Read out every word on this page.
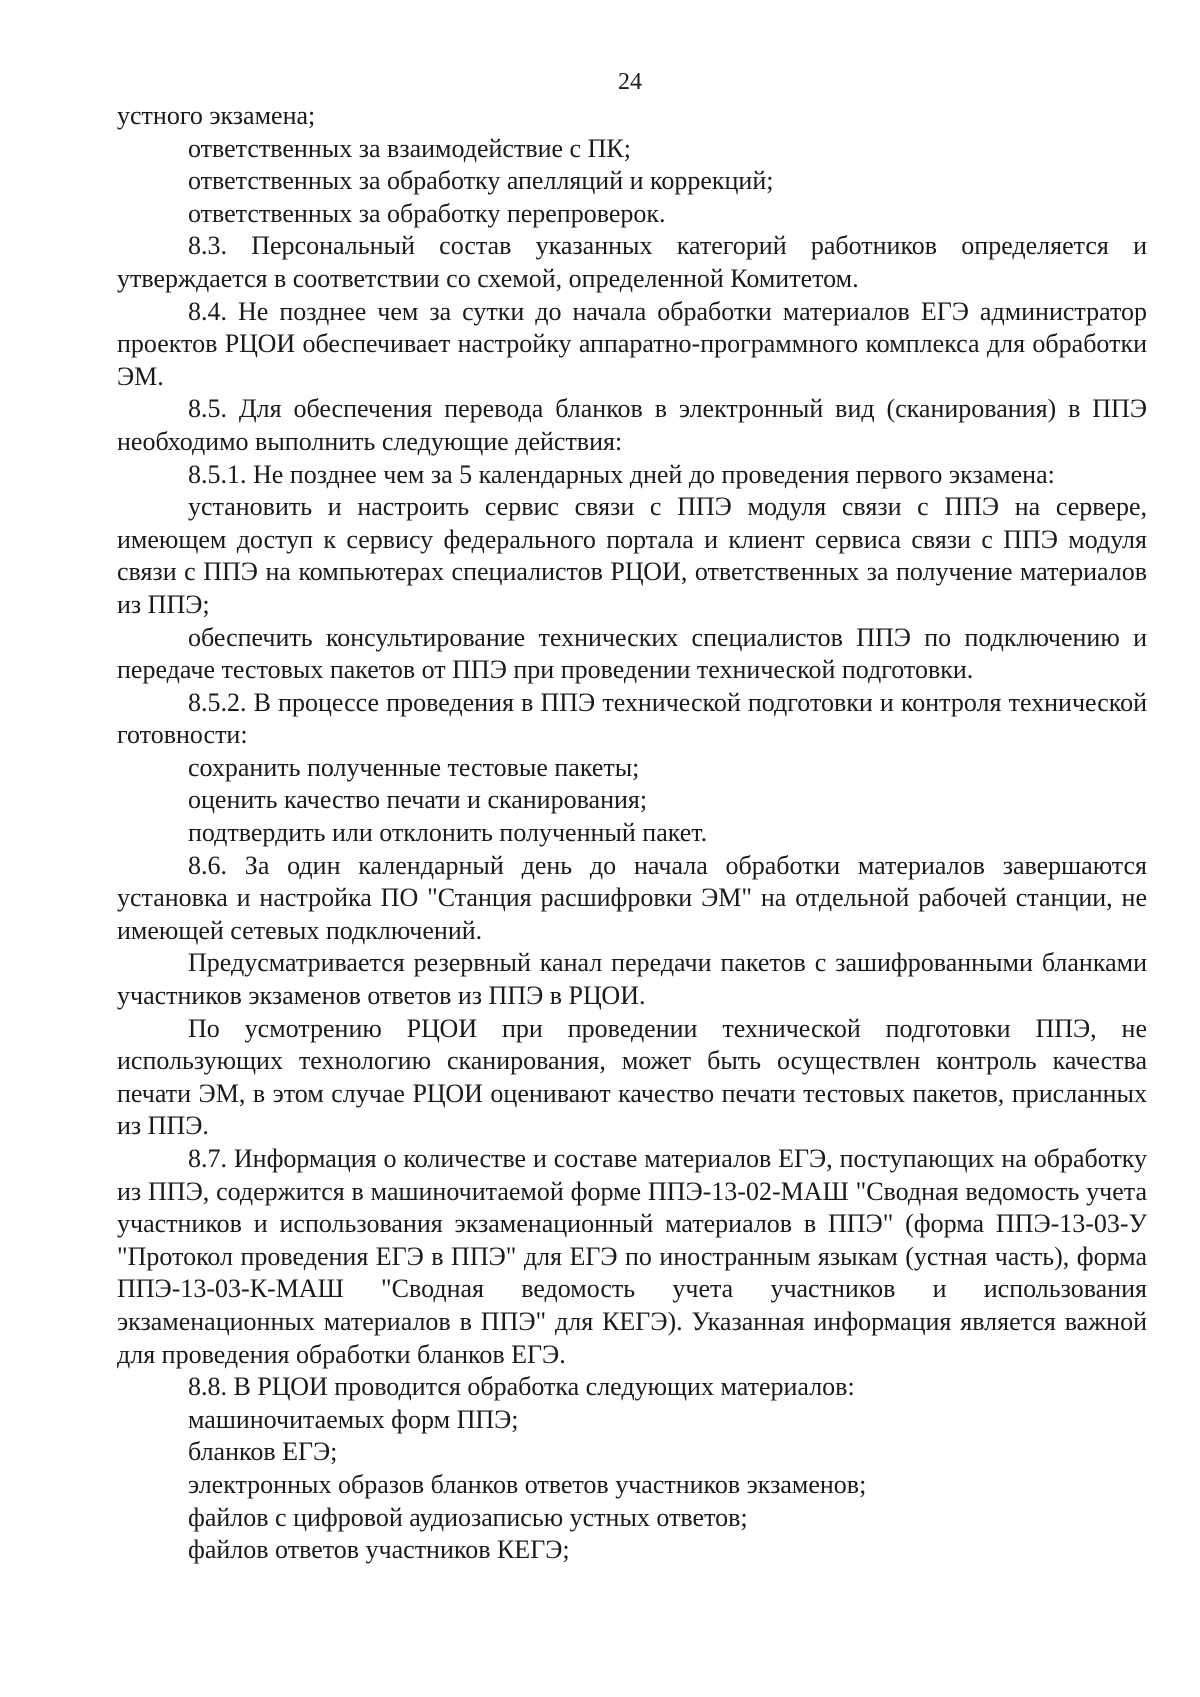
24

устного экзамена;

ответственных за взаимодействие с ПК;

ответственных за обработку апелляций и коррекций;

ответственных за обработку перепроверок.

8.3. Персональный состав указанных категорий работников определяется и утверждается в соответствии со схемой, определенной Комитетом.

8.4. Не позднее чем за сутки до начала обработки материалов ЕГЭ администратор проектов РЦОИ обеспечивает настройку аппаратно-программного комплекса для обработки ЭМ.

8.5. Для обеспечения перевода бланков в электронный вид (сканирования) в ППЭ необходимо выполнить следующие действия:

8.5.1. Не позднее чем за 5 календарных дней до проведения первого экзамена:

установить и настроить сервис связи с ППЭ модуля связи с ППЭ на сервере, имеющем доступ к сервису федерального портала и клиент сервиса связи с ППЭ модуля связи с ППЭ на компьютерах специалистов РЦОИ, ответственных за получение материалов из ППЭ;

обеспечить консультирование технических специалистов ППЭ по подключению и передаче тестовых пакетов от ППЭ при проведении технической подготовки.

8.5.2. В процессе проведения в ППЭ технической подготовки и контроля технической готовности:

сохранить полученные тестовые пакеты;

оценить качество печати и сканирования;

подтвердить или отклонить полученный пакет.

8.6. За один календарный день до начала обработки материалов завершаются установка и настройка ПО "Станция расшифровки ЭМ" на отдельной рабочей станции, не имеющей сетевых подключений.

Предусматривается резервный канал передачи пакетов с зашифрованными бланками участников экзаменов ответов из ППЭ в РЦОИ.

По усмотрению РЦОИ при проведении технической подготовки ППЭ, не использующих технологию сканирования, может быть осуществлен контроль качества печати ЭМ, в этом случае РЦОИ оценивают качество печати тестовых пакетов, присланных из ППЭ.

8.7. Информация о количестве и составе материалов ЕГЭ, поступающих на обработку из ППЭ, содержится в машиночитаемой форме ППЭ-13-02-МАШ "Сводная ведомость учета участников и использования экзаменационный материалов в ППЭ" (форма ППЭ-13-03-У "Протокол проведения ЕГЭ в ППЭ" для ЕГЭ по иностранным языкам (устная часть), форма ППЭ-13-03-К-МАШ "Сводная ведомость учета участников и использования экзаменационных материалов в ППЭ" для КЕГЭ). Указанная информация является важной для проведения обработки бланков ЕГЭ.

8.8. В РЦОИ проводится обработка следующих материалов:

машиночитаемых форм ППЭ;

бланков ЕГЭ;

электронных образов бланков ответов участников экзаменов;

файлов с цифровой аудиозаписью устных ответов;

файлов ответов участников КЕГЭ;
